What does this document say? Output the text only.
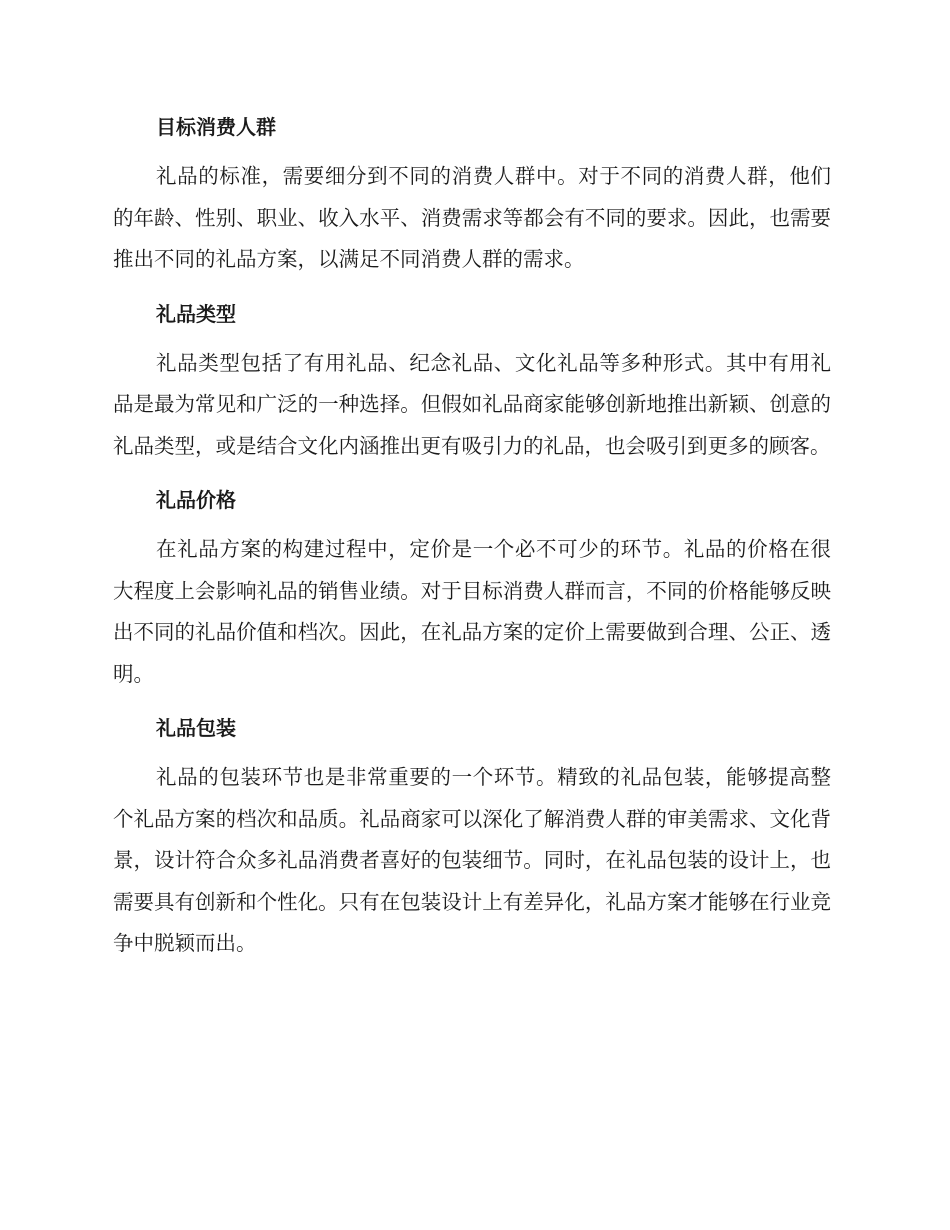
目标消费人群

礼品的标准，需要细分到不同的消费人群中。对于不同的消费人群，他们的年龄、性别、职业、收入水平、消费需求等都会有不同的要求。因此，也需要推出不同的礼品方案，以满足不同消费人群的需求。

礼品类型

礼品类型包括了有用礼品、纪念礼品、文化礼品等多种形式。其中有用礼品是最为常见和广泛的一种选择。但假如礼品商家能够创新地推出新颖、创意的礼品类型，或是结合文化内涵推出更有吸引力的礼品，也会吸引到更多的顾客。

礼品价格

在礼品方案的构建过程中，定价是一个必不可少的环节。礼品的价格在很大程度上会影响礼品的销售业绩。对于目标消费人群而言，不同的价格能够反映出不同的礼品价值和档次。因此，在礼品方案的定价上需要做到合理、公正、透明。

礼品包装

礼品的包装环节也是非常重要的一个环节。精致的礼品包装，能够提高整个礼品方案的档次和品质。礼品商家可以深化了解消费人群的审美需求、文化背景，设计符合众多礼品消费者喜好的包装细节。同时，在礼品包装的设计上，也需要具有创新和个性化。只有在包装设计上有差异化，礼品方案才能够在行业竞争中脱颖而出。
